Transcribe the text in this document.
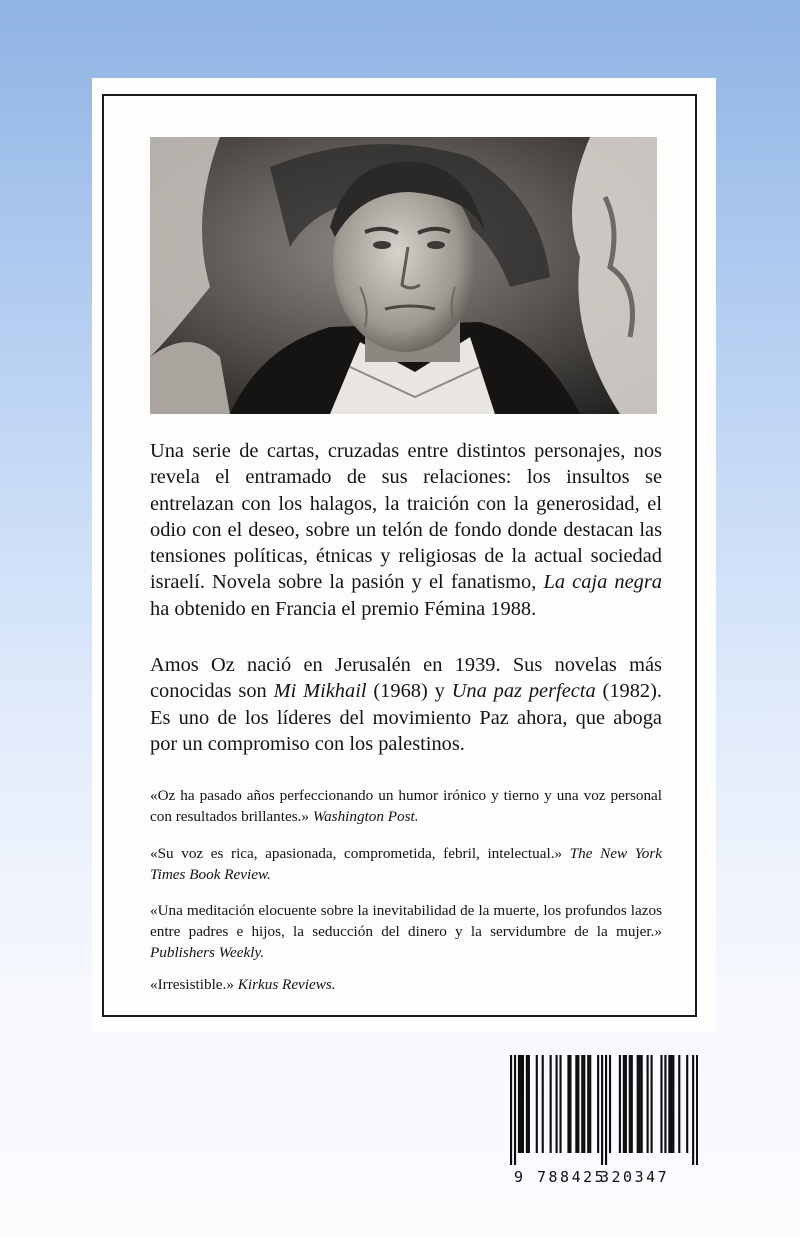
Una serie de cartas, cruzadas entre distintos personajes, nos revela el entramado de sus relaciones: los insultos se entrelazan con los halagos, la traición con la generosidad, el odio con el deseo, sobre un telón de fondo donde destacan las tensiones políticas, étnicas y religiosas de la actual sociedad israelí. Novela sobre la pasión y el fanatismo, La caja negra ha obtenido en Francia el premio Fémina 1988.

Amos Oz nació en Jerusalén en 1939. Sus novelas más conocidas son Mi Mikhail (1968) y Una paz perfecta (1982). Es uno de los líderes del movimiento Paz ahora, que aboga por un compromiso con los palestinos.

«Oz ha pasado años perfeccionando un humor irónico y tierno y una voz personal con resultados brillantes.» Washington Post.

«Su voz es rica, apasionada, comprometida, febril, intelectual.» The New York Times Book Review.

«Una meditación elocuente sobre la inevitabilidad de la muerte, los profundos lazos entre padres e hijos, la seducción del dinero y la servidumbre de la mujer.» Publishers Weekly.

«Irresistible.» Kirkus Reviews.

9 788425
320347
